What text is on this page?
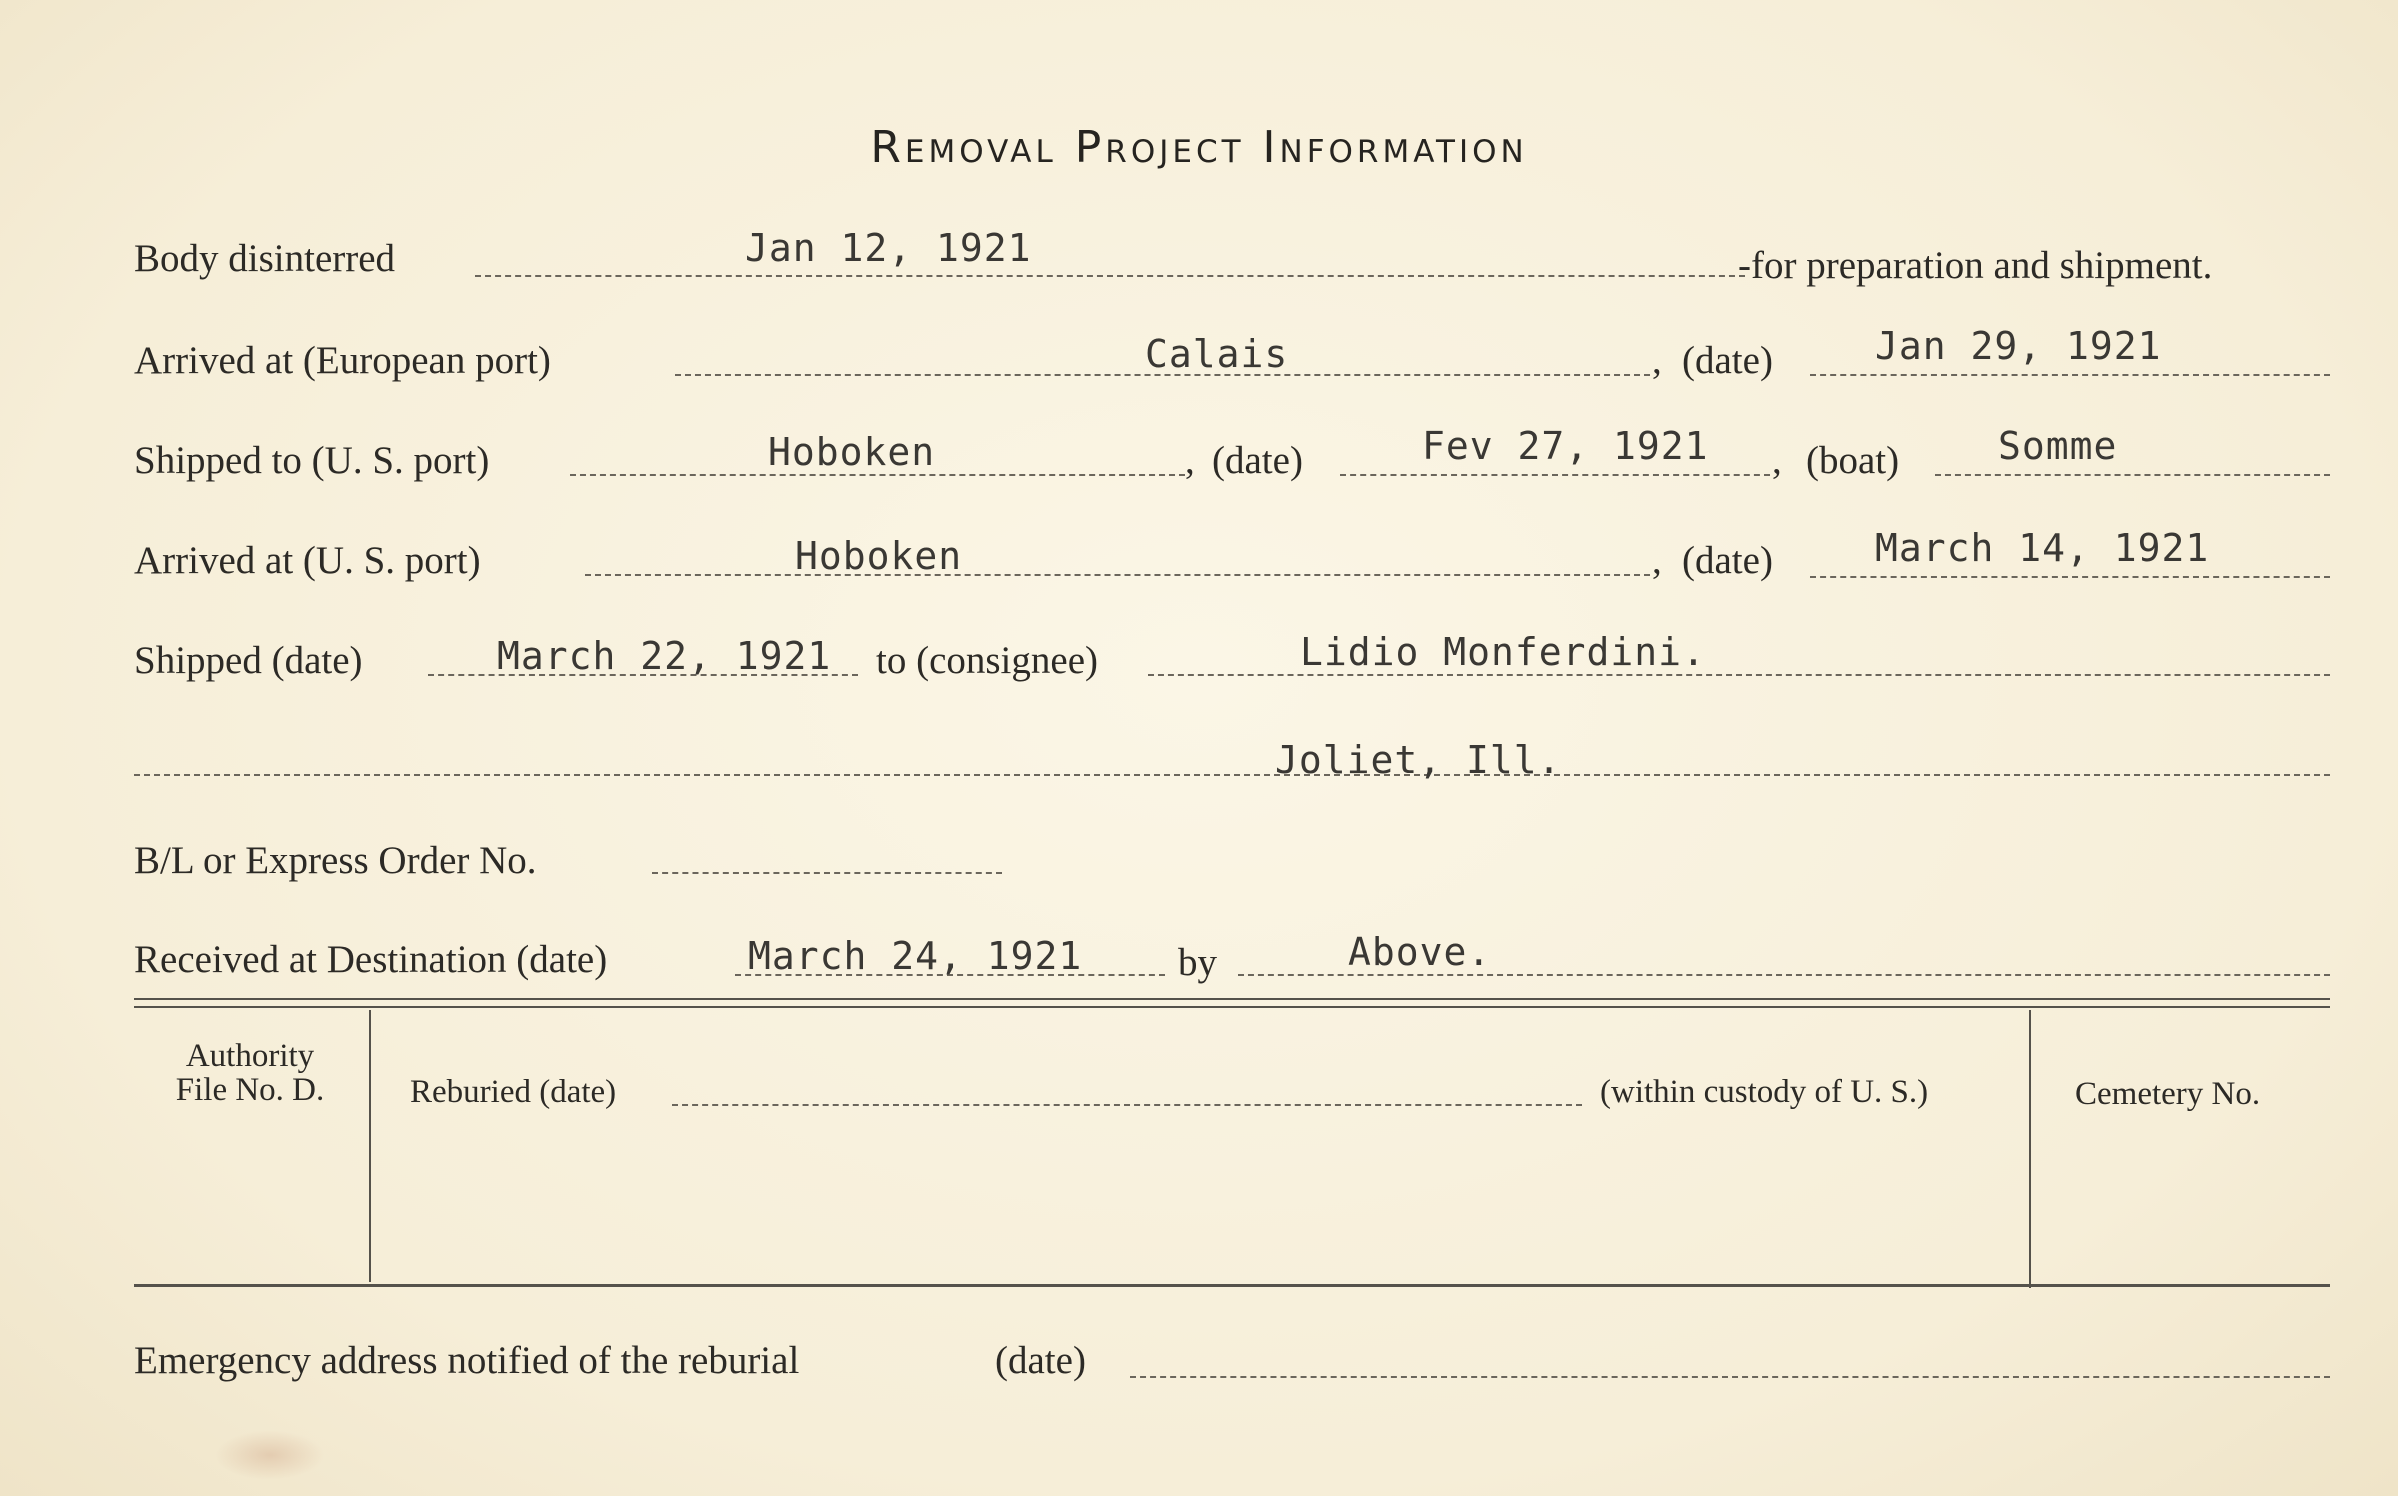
Removal Project Information
Body disinterred	Jan 12, 1921	-for preparation and shipment.
Arrived at (European port)	Calais	, (date)	Jan 29, 1921
Shipped to (U. S. port)	Hoboken	, (date)	Fev 27, 1921 , (boat)	Somme
Arrived at (U. S. port)	Hoboken	, (date)	March 14, 1921
Shipped (date)	March 22, 1921 to (consignee)	Lidio Monferdini.
Joliet, Ill.
B/L or Express Order No.
Received at Destination (date)	March 24, 1921 by	Above.
Authority
File No. D.	Reburied (date)	(within custody of U. S.)	Cemetery No.
Emergency address notified of the reburial	(date)
